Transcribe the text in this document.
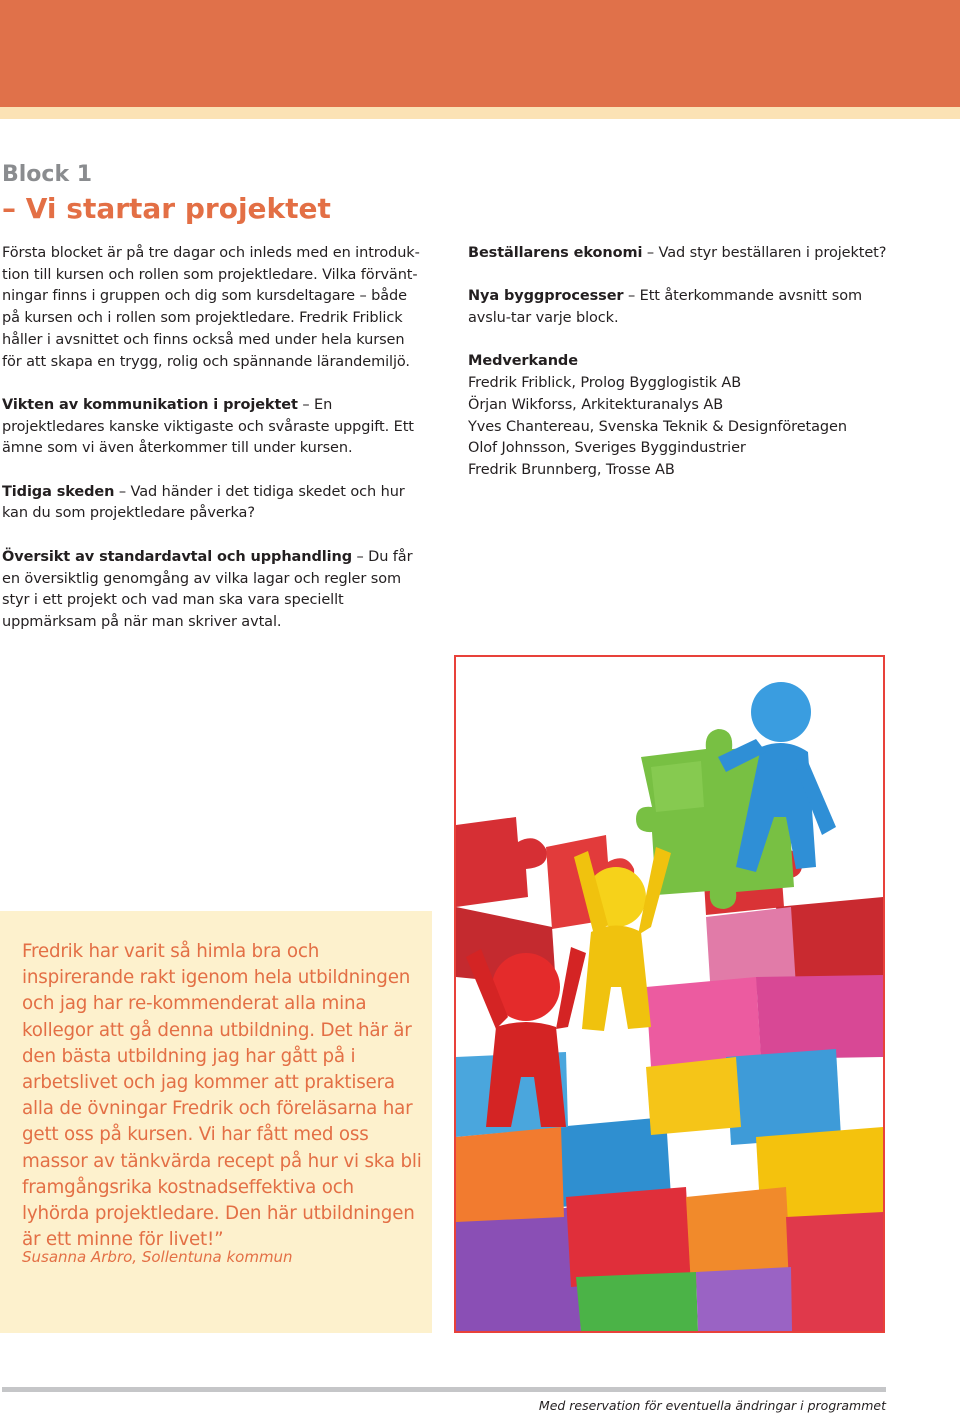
Block 1
– Vi startar projektet

Första blocket är på tre dagar och inleds med en introduk-tion till kursen och rollen som projektledare. Vilka förvänt-ningar finns i gruppen och dig som kursdeltagare – både på kursen och i rollen som projektledare. Fredrik Friblick håller i avsnittet och finns också med under hela kursen för att skapa en trygg, rolig och spännande lärandemiljö.

Vikten av kommunikation i projektet – En projektledares kanske viktigaste och svåraste uppgift. Ett ämne som vi även återkommer till under kursen.

Tidiga skeden – Vad händer i det tidiga skedet och hur kan du som projektledare påverka?

Översikt av standardavtal och upphandling – Du får en översiktlig genomgång av vilka lagar och regler som styr i ett projekt och vad man ska vara speciellt uppmärksam på när man skriver avtal.

Beställarens ekonomi – Vad styr beställaren i projektet?

Nya byggprocesser – Ett återkommande avsnitt som avslu-tar varje block.

Medverkande
Fredrik Friblick, Prolog Bygglogistik AB
Örjan Wikforss, Arkitekturanalys AB
Yves Chantereau, Svenska Teknik & Designföretagen
Olof Johnsson, Sveriges Byggindustrier
Fredrik Brunnberg, Trosse AB

Fredrik har varit så himla bra och inspirerande rakt igenom hela utbildningen och jag har re-kommenderat alla mina kollegor att gå denna utbildning. Det här är den bästa utbildning jag har gått på i arbetslivet och jag kommer att praktisera alla de övningar Fredrik och föreläsarna har gett oss på kursen. Vi har fått med oss massor av tänkvärda recept på hur vi ska bli framgångsrika kostnadseffektiva och lyhörda projektledare. Den här utbildningen är ett minne för livet!”

Susanna Arbro, Sollentuna kommun

Med reservation för eventuella ändringar i programmet
